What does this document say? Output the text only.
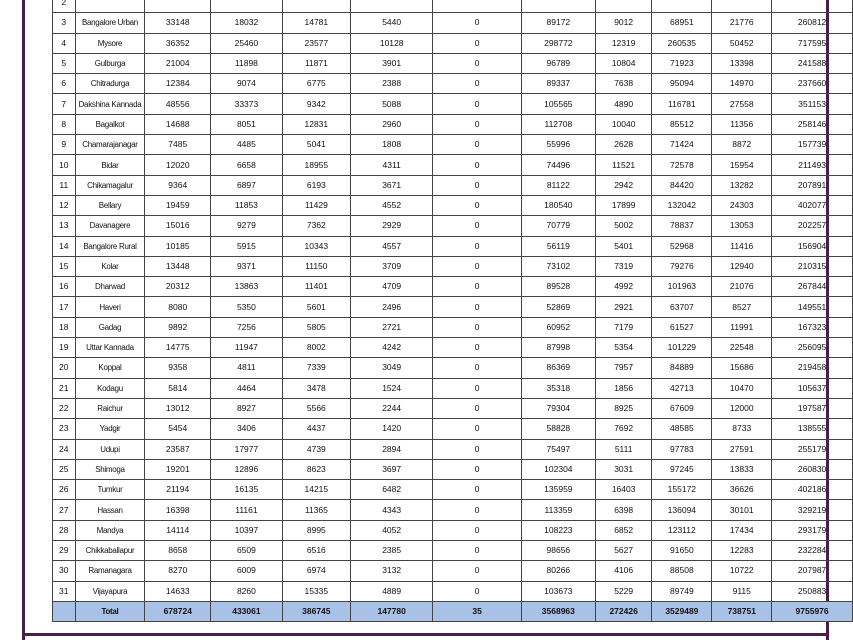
2											
3	Bangalore Urban	33148	18032	14781	5440	0	89172	9012	68951	21776	260812
4	Mysore	36352	25460	23577	10128	0	298772	12319	260535	50452	717595
5	Gulburga	21004	11898	11871	3901	0	96789	10804	71923	13398	241588
6	Chitradurga	12384	9074	6775	2388	0	89337	7638	95094	14970	237660
7	Dakshina Kannada	48556	33373	9342	5088	0	105565	4890	116781	27558	351153
8	Bagalkot	14688	8051	12831	2960	0	112708	10040	85512	11356	258146
9	Chamarajanagar	7485	4485	5041	1808	0	55996	2628	71424	8872	157739
10	Bidar	12020	6658	18955	4311	0	74496	11521	72578	15954	211493
11	Chikamagalur	9364	6897	6193	3671	0	81122	2942	84420	13282	207891
12	Bellary	19459	11853	11429	4552	0	180540	17899	132042	24303	402077
13	Davanagere	15016	9279	7362	2929	0	70779	5002	78837	13053	202257
14	Bangalore Rural	10185	5915	10343	4557	0	56119	5401	52968	11416	156904
15	Kolar	13448	9371	11150	3709	0	73102	7319	79276	12940	210315
16	Dharwad	20312	13863	11401	4709	0	89528	4992	101963	21076	267844
17	Haveri	8080	5350	5601	2496	0	52869	2921	63707	8527	149551
18	Gadag	9892	7256	5805	2721	0	60952	7179	61527	11991	167323
19	Uttar Kannada	14775	11947	8002	4242	0	87998	5354	101229	22548	256095
20	Koppal	9358	4811	7339	3049	0	86369	7957	84889	15686	219458
21	Kodagu	5814	4464	3478	1524	0	35318	1856	42713	10470	105637
22	Raichur	13012	8927	5566	2244	0	79304	8925	67609	12000	197587
23	Yadgir	5454	3406	4437	1420	0	58828	7692	48585	8733	138555
24	Udupi	23587	17977	4739	2894	0	75497	5111	97783	27591	255179
25	Shimoga	19201	12896	8623	3697	0	102304	3031	97245	13833	260830
26	Tumkur	21194	16135	14215	6482	0	135959	16403	155172	36626	402186
27	Hassan	16398	11161	11365	4343	0	113359	6398	136094	30101	329219
28	Mandya	14114	10397	8995	4052	0	108223	6852	123112	17434	293179
29	Chikkaballapur	8658	6509	6516	2385	0	98656	5627	91650	12283	232284
30	Ramanagara	8270	6009	6974	3132	0	80266	4106	88508	10722	207987
31	Vijayapura	14633	8260	15335	4889	0	103673	5229	89749	9115	250883
	Total	678724	433061	386745	147780	35	3568963	272426	3529489	738751	9755976
